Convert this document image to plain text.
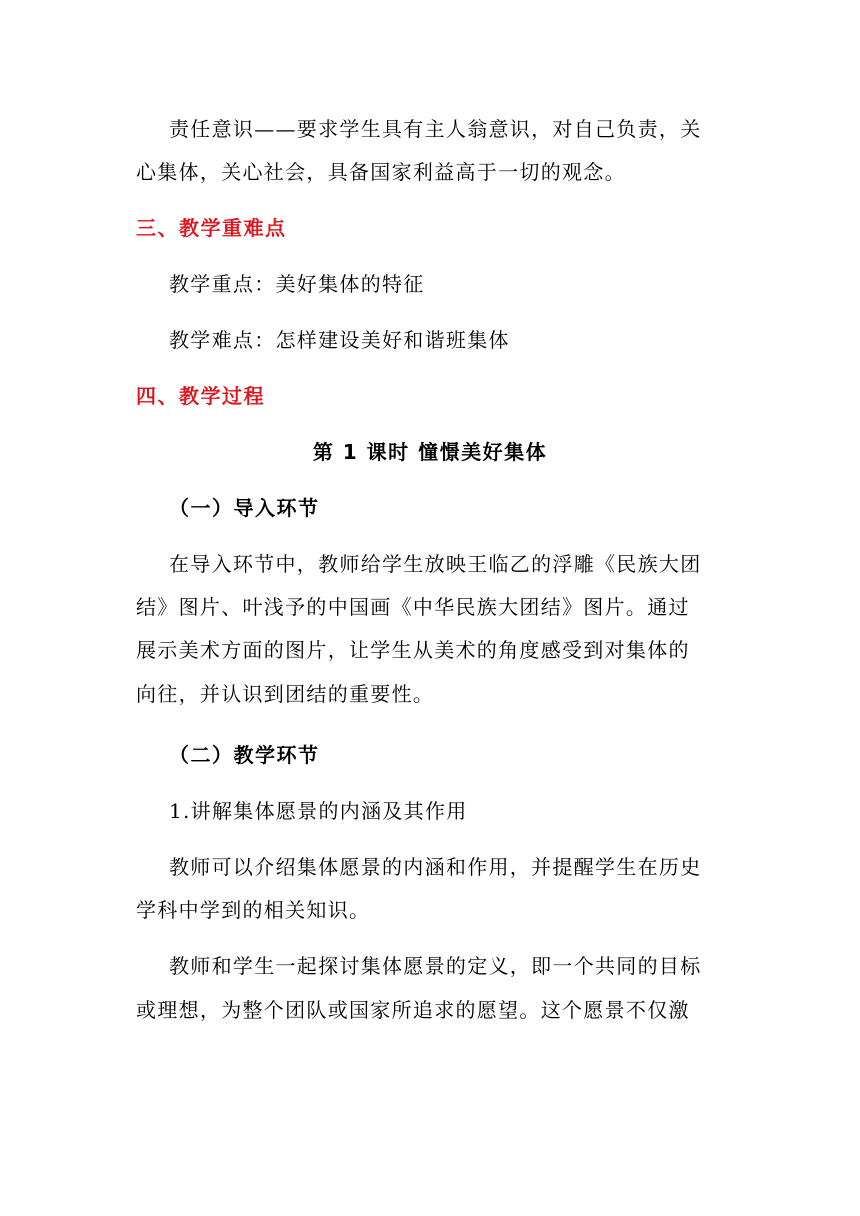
责任意识——要求学生具有主人翁意识，对自己负责，关
心集体，关心社会，具备国家利益高于一切的观念。
三、教学重难点
教学重点：美好集体的特征
教学难点：怎样建设美好和谐班集体
四、教学过程
第 1 课时 憧憬美好集体
（一）导入环节
在导入环节中，教师给学生放映王临乙的浮雕《民族大团
结》图片、叶浅予的中国画《中华民族大团结》图片。通过
展示美术方面的图片，让学生从美术的角度感受到对集体的
向往，并认识到团结的重要性。
（二）教学环节
1.讲解集体愿景的内涵及其作用
教师可以介绍集体愿景的内涵和作用，并提醒学生在历史
学科中学到的相关知识。
教师和学生一起探讨集体愿景的定义，即一个共同的目标
或理想，为整个团队或国家所追求的愿望。这个愿景不仅激
